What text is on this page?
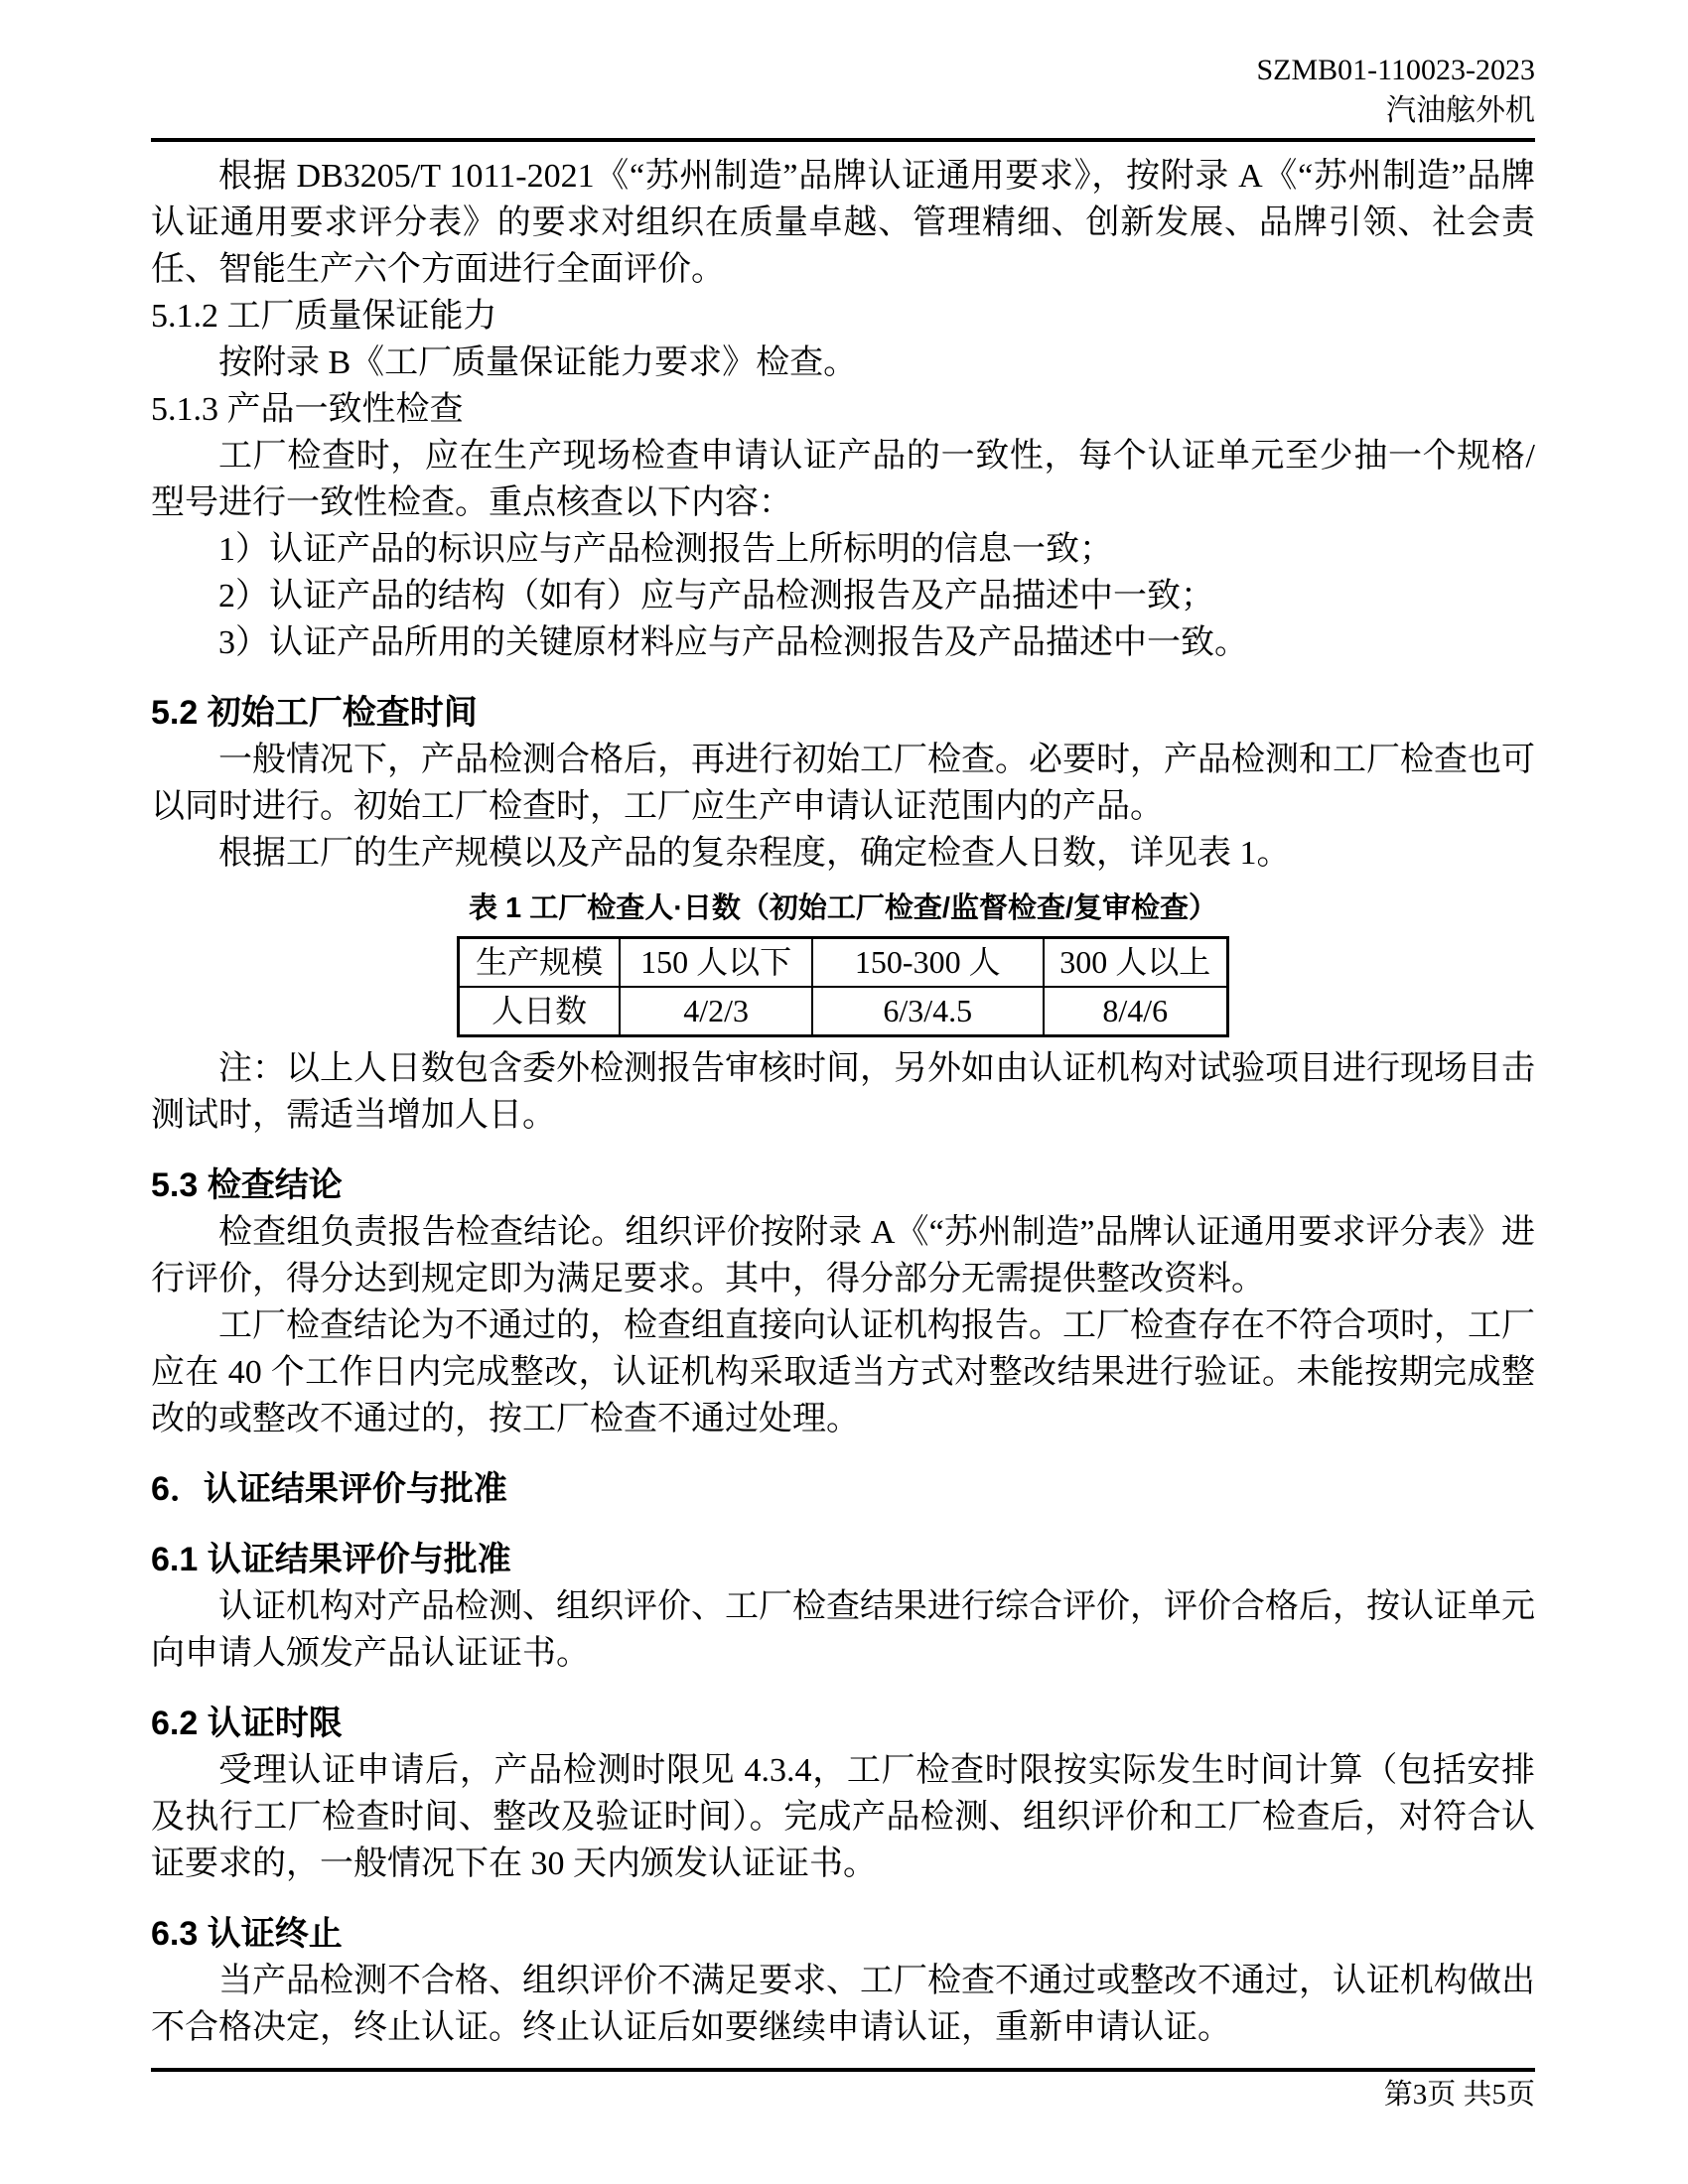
SZMB01-110023-2023
汽油舷外机

根据 DB3205/T 1011-2021《“苏州制造”品牌认证通用要求》，按附录 A《“苏州制造”品牌认证通用要求评分表》的要求对组织在质量卓越、管理精细、创新发展、品牌引领、社会责任、智能生产六个方面进行全面评价。

5.1.2 工厂质量保证能力

按附录 B《工厂质量保证能力要求》检查。

5.1.3 产品一致性检查

工厂检查时，应在生产现场检查申请认证产品的一致性，每个认证单元至少抽一个规格/型号进行一致性检查。重点核查以下内容：

1）认证产品的标识应与产品检测报告上所标明的信息一致；

2）认证产品的结构（如有）应与产品检测报告及产品描述中一致；

3）认证产品所用的关键原材料应与产品检测报告及产品描述中一致。

5.2 初始工厂检查时间

一般情况下，产品检测合格后，再进行初始工厂检查。必要时，产品检测和工厂检查也可以同时进行。初始工厂检查时，工厂应生产申请认证范围内的产品。

根据工厂的生产规模以及产品的复杂程度，确定检查人日数，详见表 1。

表 1 工厂检查人·日数（初始工厂检查/监督检查/复审检查）
生产规模	150 人以下	150-300 人	300 人以上
人日数	4/2/3	6/3/4.5	8/4/6

注：以上人日数包含委外检测报告审核时间，另外如由认证机构对试验项目进行现场目击测试时，需适当增加人日。

5.3 检查结论

检查组负责报告检查结论。组织评价按附录 A《“苏州制造”品牌认证通用要求评分表》进行评价，得分达到规定即为满足要求。其中，得分部分无需提供整改资料。

工厂检查结论为不通过的，检查组直接向认证机构报告。工厂检查存在不符合项时，工厂应在 40 个工作日内完成整改，认证机构采取适当方式对整改结果进行验证。未能按期完成整改的或整改不通过的，按工厂检查不通过处理。

6．认证结果评价与批准

6.1 认证结果评价与批准

认证机构对产品检测、组织评价、工厂检查结果进行综合评价，评价合格后，按认证单元向申请人颁发产品认证证书。

6.2 认证时限

受理认证申请后，产品检测时限见 4.3.4，工厂检查时限按实际发生时间计算（包括安排及执行工厂检查时间、整改及验证时间）。完成产品检测、组织评价和工厂检查后，对符合认证要求的，一般情况下在 30 天内颁发认证证书。

6.3 认证终止

当产品检测不合格、组织评价不满足要求、工厂检查不通过或整改不通过，认证机构做出不合格决定，终止认证。终止认证后如要继续申请认证，重新申请认证。

第3页 共5页
